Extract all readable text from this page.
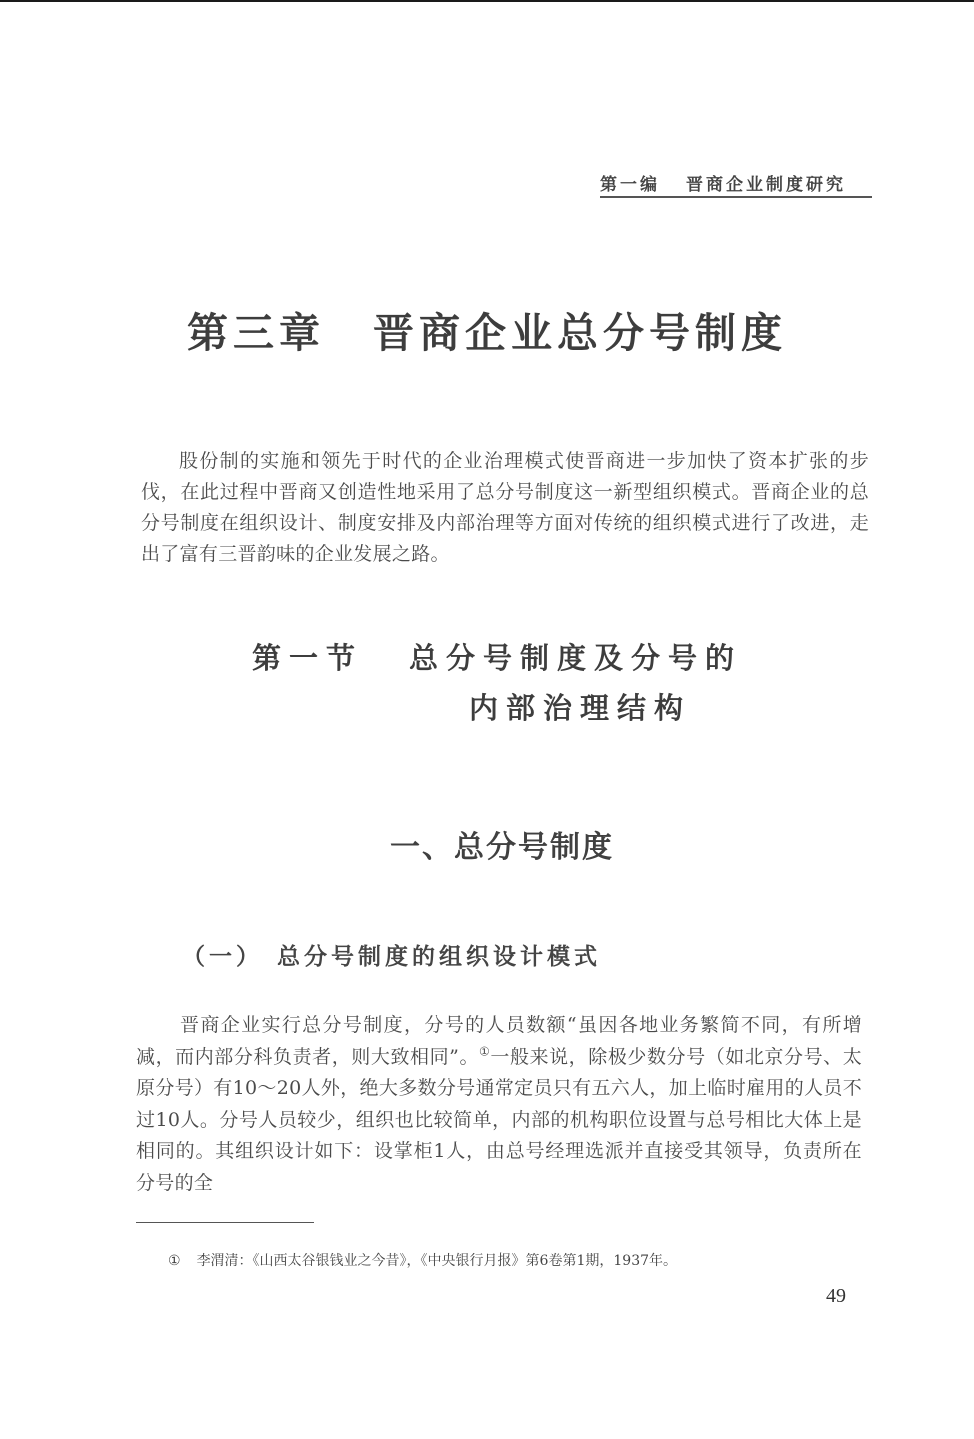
第一编 晋商企业制度研究
第三章 晋商企业总分号制度

股份制的实施和领先于时代的企业治理模式使晋商进一步加快了资本扩张的步伐，在此过程中晋商又创造性地采用了总分号制度这一新型组织模式。晋商企业的总分号制度在组织设计、制度安排及内部治理等方面对传统的组织模式进行了改进，走出了富有三晋韵味的企业发展之路。

第一节 总分号制度及分号的
内部治理结构
一、总分号制度
（一） 总分号制度的组织设计模式

晋商企业实行总分号制度，分号的人员数额“虽因各地业务繁简不同，有所增减，而内部分科负责者，则大致相同”。①一般来说，除极少数分号（如北京分号、太原分号）有10～20人外，绝大多数分号通常定员只有五六人，加上临时雇用的人员不过10人。分号人员较少，组织也比较简单，内部的机构职位设置与总号相比大体上是相同的。其组织设计如下：设掌柜1人，由总号经理选派并直接受其领导，负责所在分号的全

① 李渭清：《山西太谷银钱业之今昔》，《中央银行月报》第6卷第1期，1937年。
49
